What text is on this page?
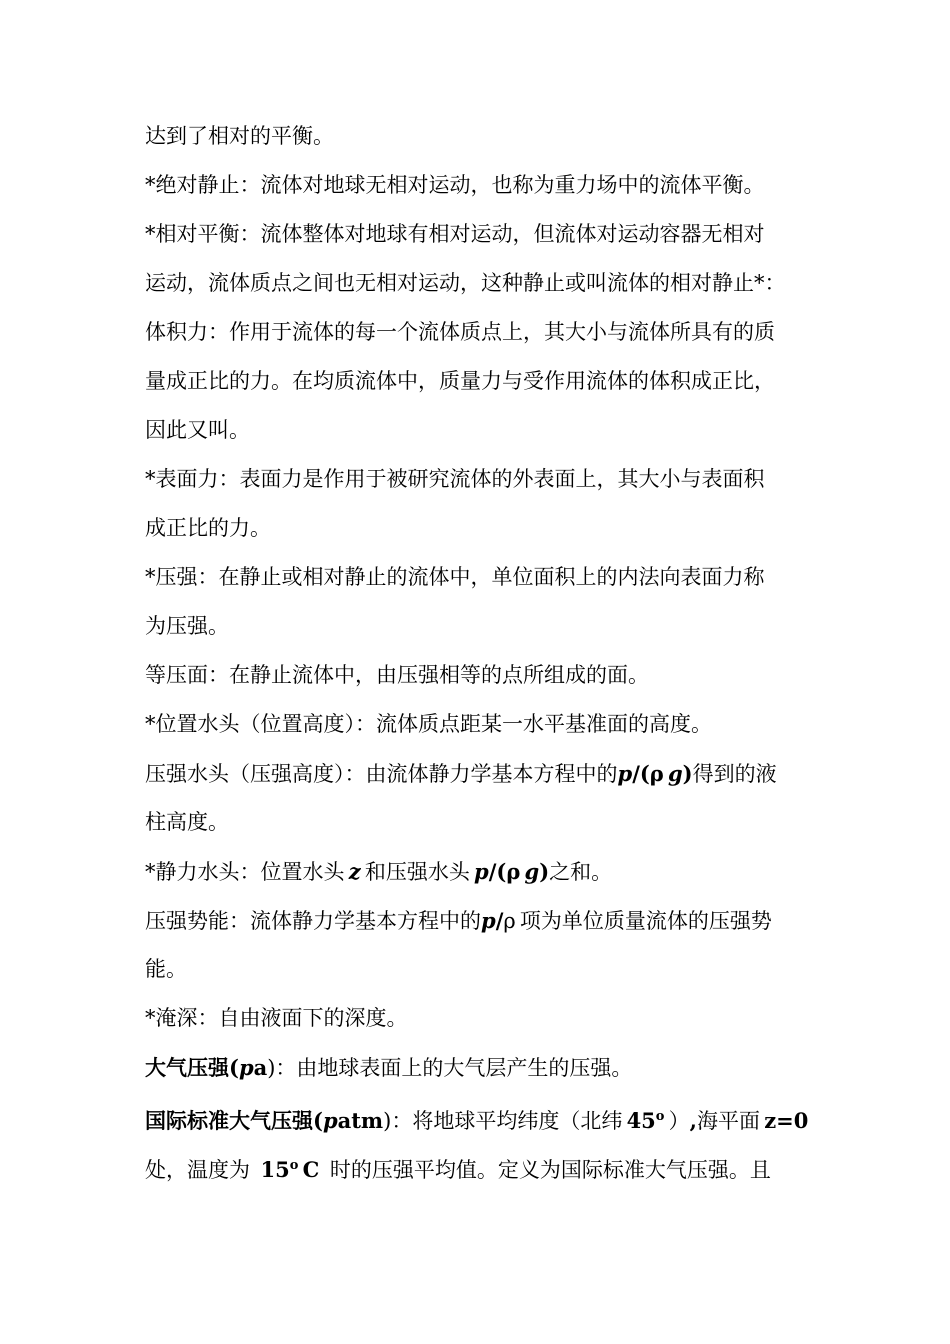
达到了相对的平衡。
*绝对静止：流体对地球无相对运动，也称为重力场中的流体平衡。
*相对平衡：流体整体对地球有相对运动，但流体对运动容器无相对
运动，流体质点之间也无相对运动，这种静止或叫流体的相对静止*：
体积力：作用于流体的每一个流体质点上，其大小与流体所具有的质
量成正比的力。在均质流体中，质量力与受作用流体的体积成正比，
因此又叫。
*表面力：表面力是作用于被研究流体的外表面上，其大小与表面积
成正比的力。
*压强：在静止或相对静止的流体中，单位面积上的内法向表面力称
为压强。
等压面：在静止流体中，由压强相等的点所组成的面。
*位置水头（位置高度）：流体质点距某一水平基准面的高度。
压强水头（压强高度）：由流体静力学基本方程中的p/(ρ  g)得到的液
柱高度。
*静力水头：位置水头  z  和压强水头  p/(ρ  g)之和。
压强势能：流体静力学基本方程中的p/ρ  项为单位质量流体的压强势
能。
*淹深：自由液面下的深度。
大气压强(pa)：由地球表面上的大气层产生的压强。
国际标准大气压强(patm)：将地球平均纬度（北纬  45$^o$  ）,海平面  z=0
处，温度为  15$^o$  C  时的压强平均值。定义为国际标准大气压强。且
